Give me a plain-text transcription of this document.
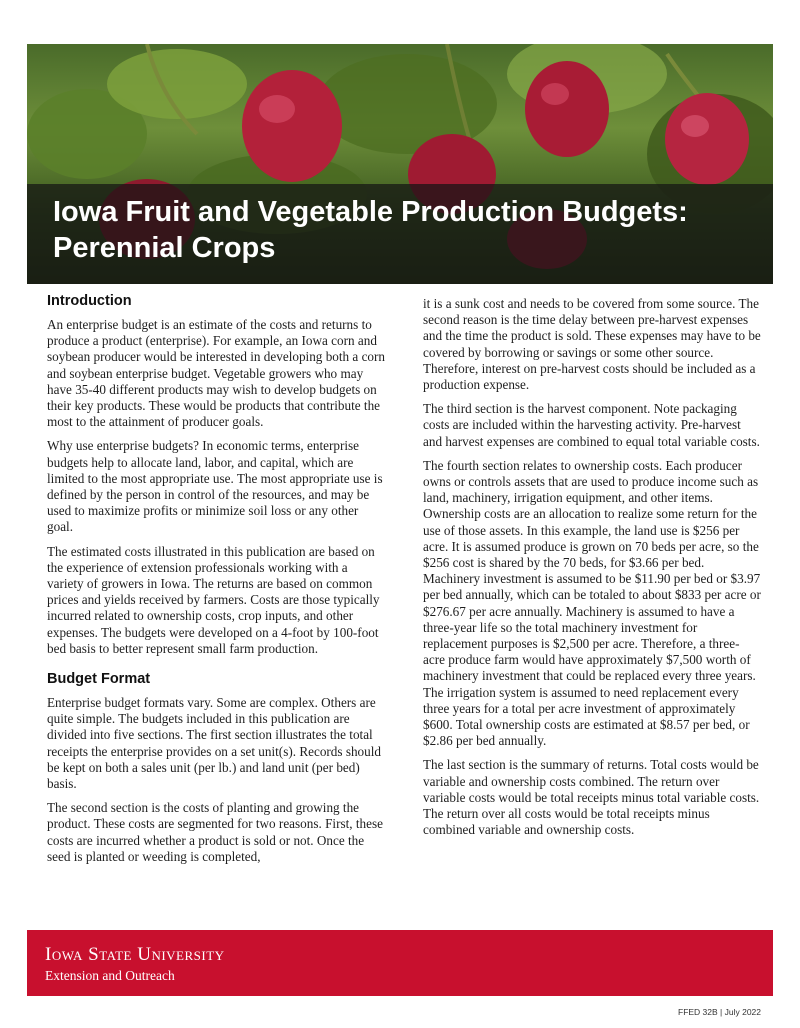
Iowa Fruit and Vegetable Production Budgets:
Perennial Crops
Introduction

An enterprise budget is an estimate of the costs and returns to produce a product (enterprise). For example, an Iowa corn and soybean producer would be interested in developing both a corn and soybean enterprise budget. Vegetable growers who may have 35-40 different products may wish to develop budgets on their key products. These would be products that contribute the most to the attainment of producer goals.

Why use enterprise budgets? In economic terms, enterprise budgets help to allocate land, labor, and capital, which are limited to the most appropriate use. The most appropriate use is defined by the person in control of the resources, and may be used to maximize profits or minimize soil loss or any other goal.

The estimated costs illustrated in this publication are based on the experience of extension professionals working with a variety of growers in Iowa. The returns are based on common prices and yields received by farmers. Costs are those typically incurred related to ownership costs, crop inputs, and other expenses. The budgets were developed on a 4-foot by 100-foot bed basis to better represent small farm production.

Budget Format

Enterprise budget formats vary. Some are complex. Others are quite simple. The budgets included in this publication are divided into five sections. The first section illustrates the total receipts the enterprise provides on a set unit(s). Records should be kept on both a sales unit (per lb.) and land unit (per bed) basis.

The second section is the costs of planting and growing the product. These costs are segmented for two reasons. First, these costs are incurred whether a product is sold or not. Once the seed is planted or weeding is completed,

it is a sunk cost and needs to be covered from some source. The second reason is the time delay between pre-harvest expenses and the time the product is sold. These expenses may have to be covered by borrowing or savings or some other source. Therefore, interest on pre-harvest costs should be included as a production expense.

The third section is the harvest component. Note packaging costs are included within the harvesting activity. Pre-harvest and harvest expenses are combined to equal total variable costs.

The fourth section relates to ownership costs. Each producer owns or controls assets that are used to produce income such as land, machinery, irrigation equipment, and other items. Ownership costs are an allocation to realize some return for the use of those assets. In this example, the land use is $256 per acre. It is assumed produce is grown on 70 beds per acre, so the $256 cost is shared by the 70 beds, for $3.66 per bed. Machinery investment is assumed to be $11.90 per bed or $3.97 per bed annually, which can be totaled to about $833 per acre or $276.67 per acre annually. Machinery is assumed to have a three-year life so the total machinery investment for replacement purposes is $2,500 per acre. Therefore, a three-acre produce farm would have approximately $7,500 worth of machinery investment that could be replaced every three years. The irrigation system is assumed to need replacement every three years for a total per acre investment of approximately $600. Total ownership costs are estimated at $8.57 per bed, or $2.86 per bed annually.

The last section is the summary of returns. Total costs would be variable and ownership costs combined. The return over variable costs would be total receipts minus total variable costs. The return over all costs would be total receipts minus combined variable and ownership costs.

Iowa State University
Extension and Outreach
FFED 32B | July 2022
